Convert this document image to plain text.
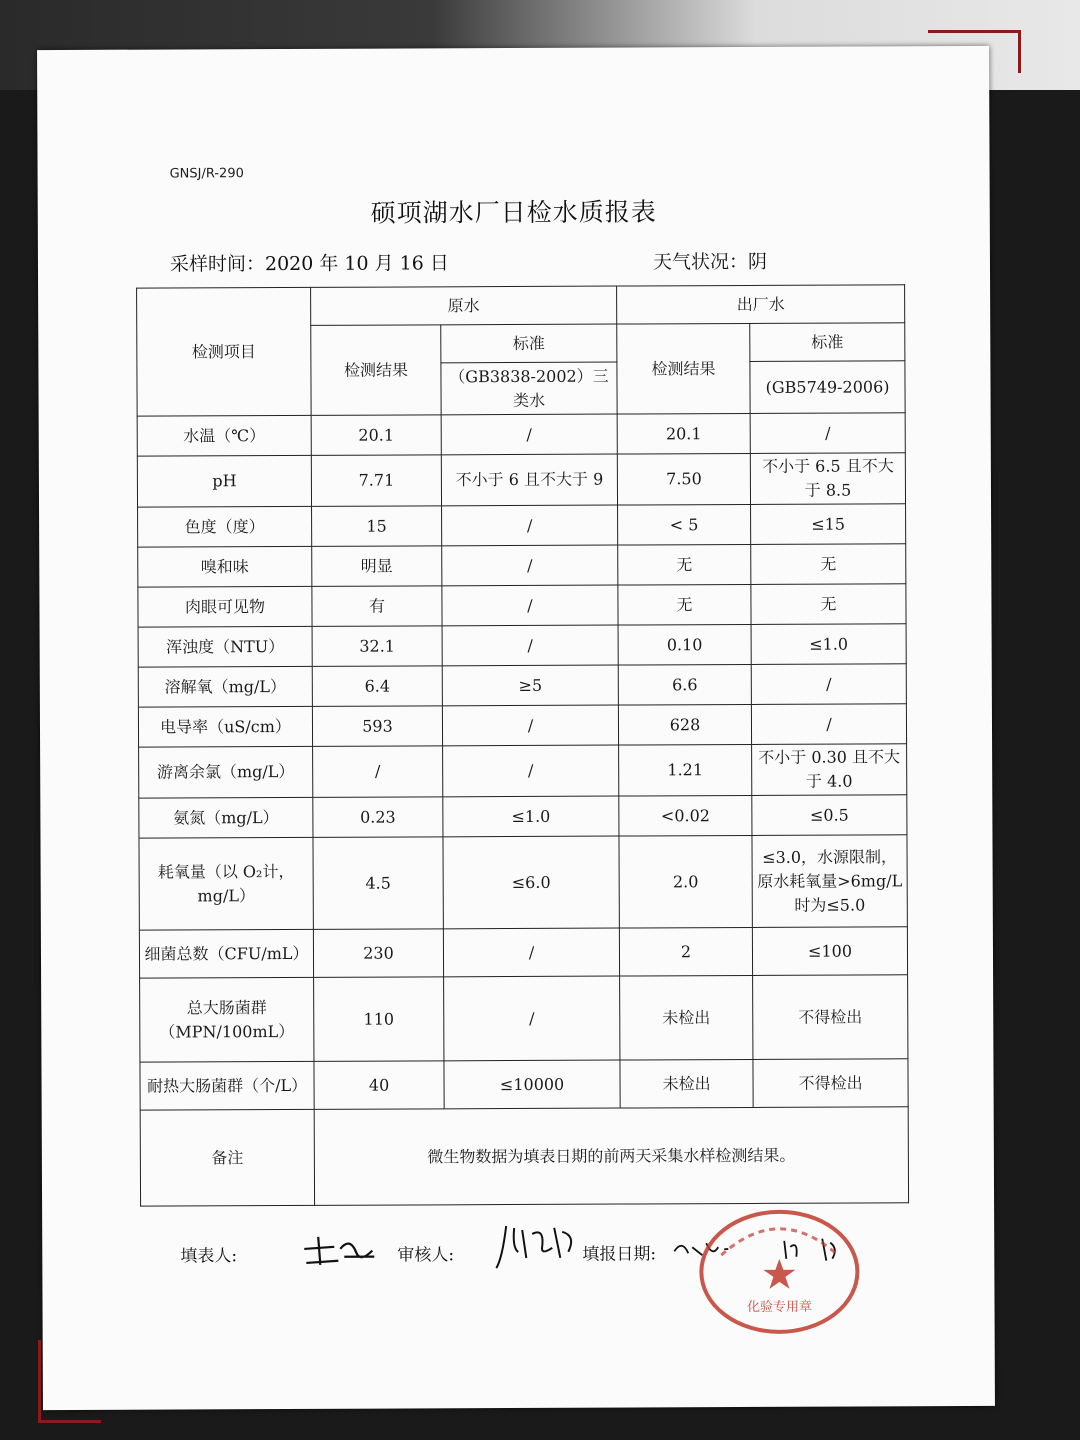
GNSJ/R-290
硕项湖水厂日检水质报表
采样时间：2020 年 10 月 16 日	天气状况：阴
检测项目	原水		出厂水	
	检测结果	标准	检测结果	标准
		（GB3838-2002）三类水		(GB5749-2006)
水温（℃）	20.1	/	20.1	/
pH	7.71	不小于 6 且不大于 9	7.50	不小于 6.5 且不大于 8.5
色度（度）	15	/	< 5	≤15
嗅和味	明显	/	无	无
肉眼可见物	有	/	无	无
浑浊度（NTU）	32.1	/	0.10	≤1.0
溶解氧（mg/L）	6.4	≥5	6.6	/
电导率（uS/cm）	593	/	628	/
游离余氯（mg/L）	/	/	1.21	不小于 0.30 且不大于 4.0
氨氮（mg/L）	0.23	≤1.0	<0.02	≤0.5
耗氧量（以 O₂计，mg/L）	4.5	≤6.0	2.0	≤3.0，水源限制，原水耗氧量>6mg/L 时为≤5.0
细菌总数（CFU/mL）	230	/	2	≤100
总大肠菌群（MPN/100mL）	110	/	未检出	不得检出
耐热大肠菌群（个/L）	40	≤10000	未检出	不得检出
备注	微生物数据为填表日期的前两天采集水样检测结果。			
填表人:	审核人:	填报日期:
化验专用章
